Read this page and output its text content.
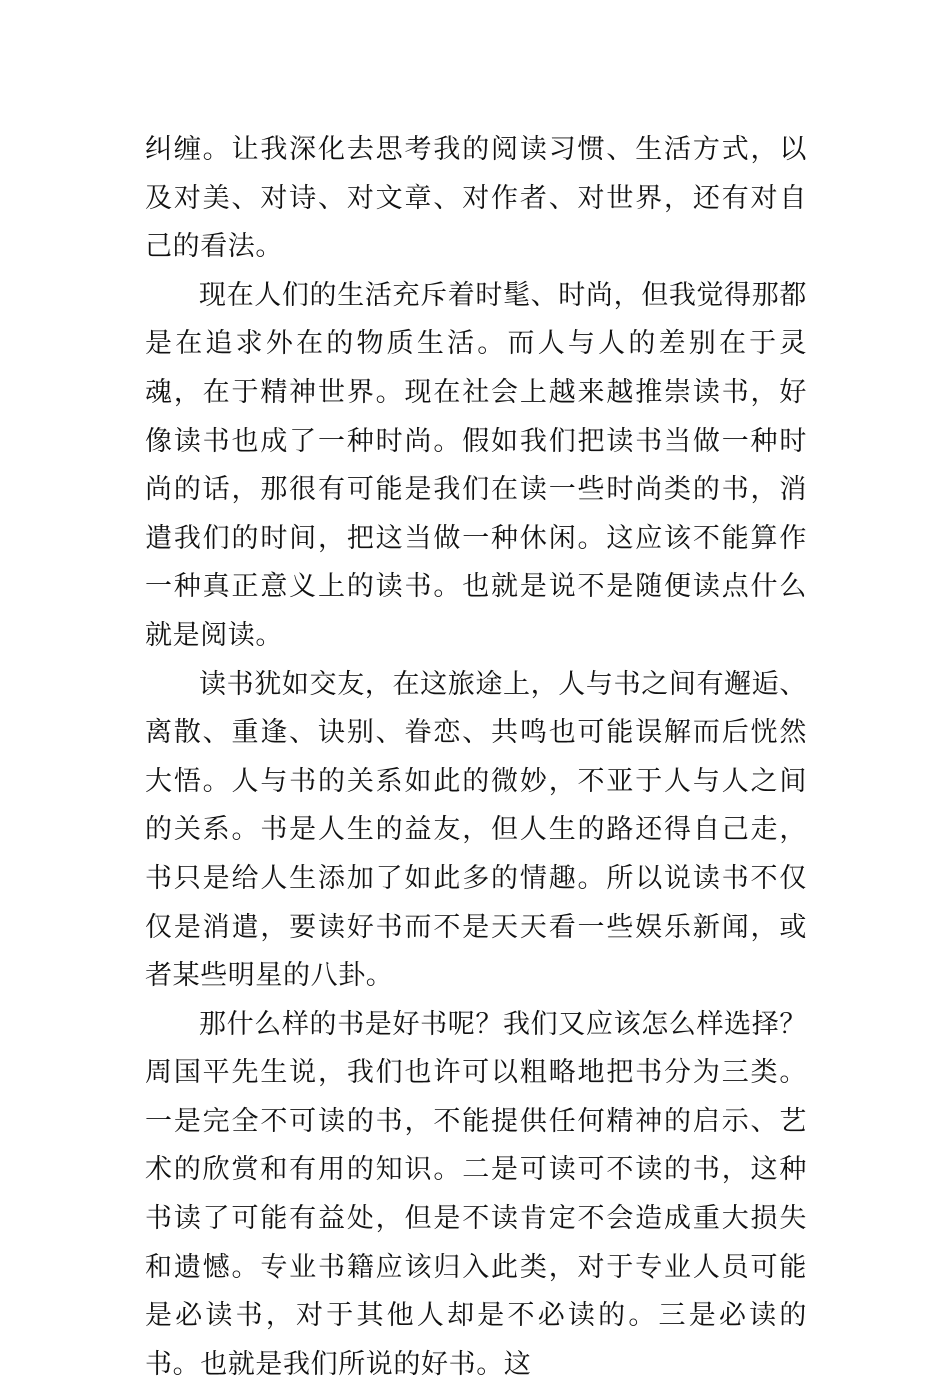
纠缠。让我深化去思考我的阅读习惯、生活方式，以及对美、对诗、对文章、对作者、对世界，还有对自己的看法。

现在人们的生活充斥着时髦、时尚，但我觉得那都是在追求外在的物质生活。而人与人的差别在于灵魂，在于精神世界。现在社会上越来越推崇读书，好像读书也成了一种时尚。假如我们把读书当做一种时尚的话，那很有可能是我们在读一些时尚类的书，消遣我们的时间，把这当做一种休闲。这应该不能算作一种真正意义上的读书。也就是说不是随便读点什么就是阅读。

读书犹如交友，在这旅途上，人与书之间有邂逅、离散、重逢、诀别、眷恋、共鸣也可能误解而后恍然大悟。人与书的关系如此的微妙，不亚于人与人之间的关系。书是人生的益友，但人生的路还得自己走，书只是给人生添加了如此多的情趣。所以说读书不仅仅是消遣，要读好书而不是天天看一些娱乐新闻，或者某些明星的八卦。

那什么样的书是好书呢？我们又应该怎么样选择？周国平先生说，我们也许可以粗略地把书分为三类。一是完全不可读的书，不能提供任何精神的启示、艺术的欣赏和有用的知识。二是可读可不读的书，这种书读了可能有益处，但是不读肯定不会造成重大损失和遗憾。专业书籍应该归入此类，对于专业人员可能是必读书，对于其他人却是不必读的。三是必读的书。也就是我们所说的好书。这
